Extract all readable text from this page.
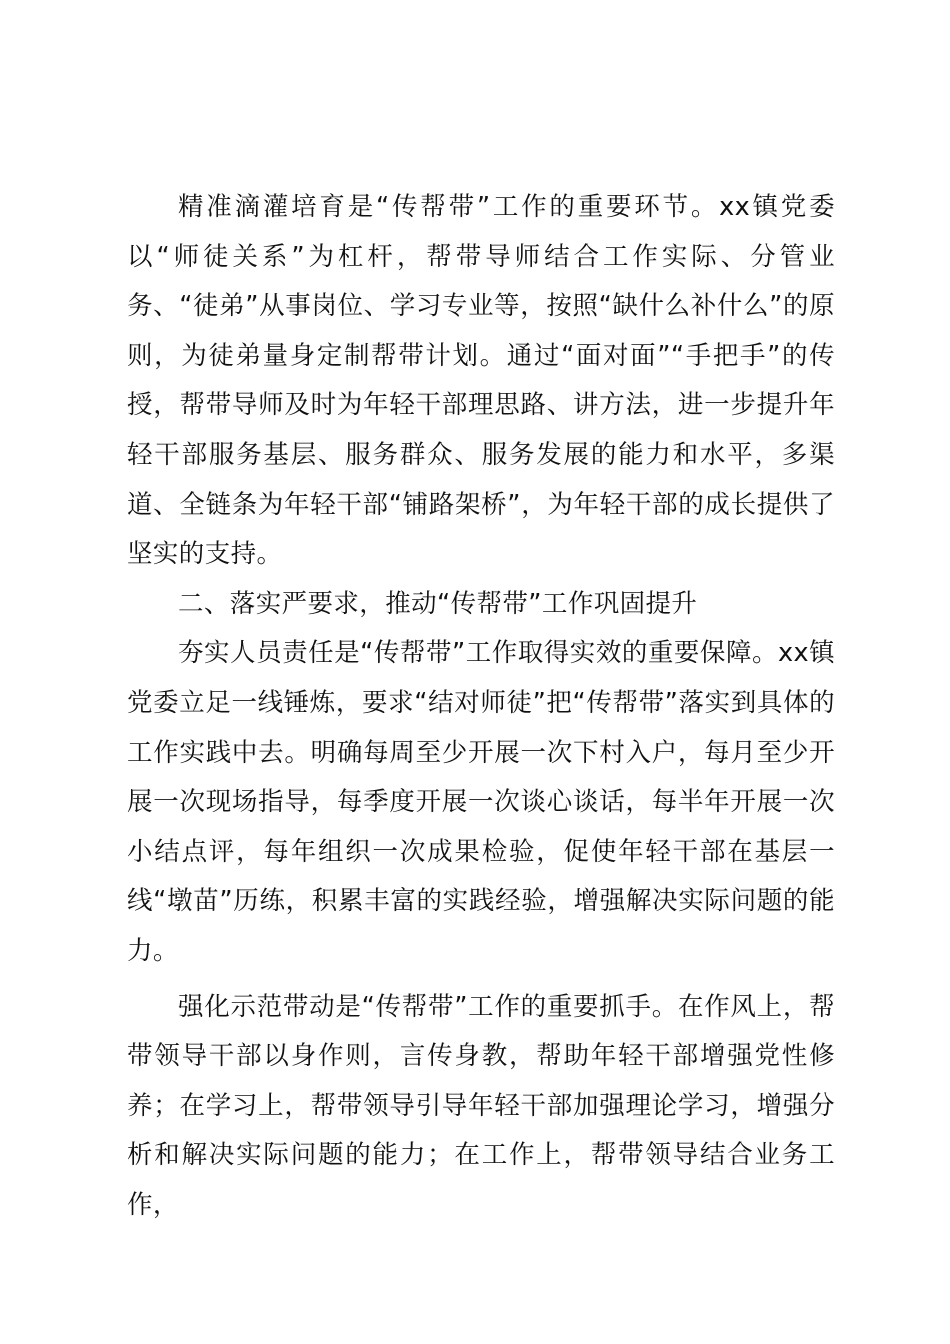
精准滴灌培育是“传帮带”工作的重要环节。xx镇党委以“师徒关系”为杠杆，帮带导师结合工作实际、分管业务、“徒弟”从事岗位、学习专业等，按照“缺什么补什么”的原则，为徒弟量身定制帮带计划。通过“面对面”“手把手”的传授，帮带导师及时为年轻干部理思路、讲方法，进一步提升年轻干部服务基层、服务群众、服务发展的能力和水平，多渠道、全链条为年轻干部“铺路架桥”，为年轻干部的成长提供了坚实的支持。

二、落实严要求，推动“传帮带”工作巩固提升

夯实人员责任是“传帮带”工作取得实效的重要保障。xx镇党委立足一线锤炼，要求“结对师徒”把“传帮带”落实到具体的工作实践中去。明确每周至少开展一次下村入户，每月至少开展一次现场指导，每季度开展一次谈心谈话，每半年开展一次小结点评，每年组织一次成果检验，促使年轻干部在基层一线“墩苗”历练，积累丰富的实践经验，增强解决实际问题的能力。

强化示范带动是“传帮带”工作的重要抓手。在作风上，帮带领导干部以身作则，言传身教，帮助年轻干部增强党性修养；在学习上，帮带领导引导年轻干部加强理论学习，增强分析和解决实际问题的能力；在工作上，帮带领导结合业务工作，
